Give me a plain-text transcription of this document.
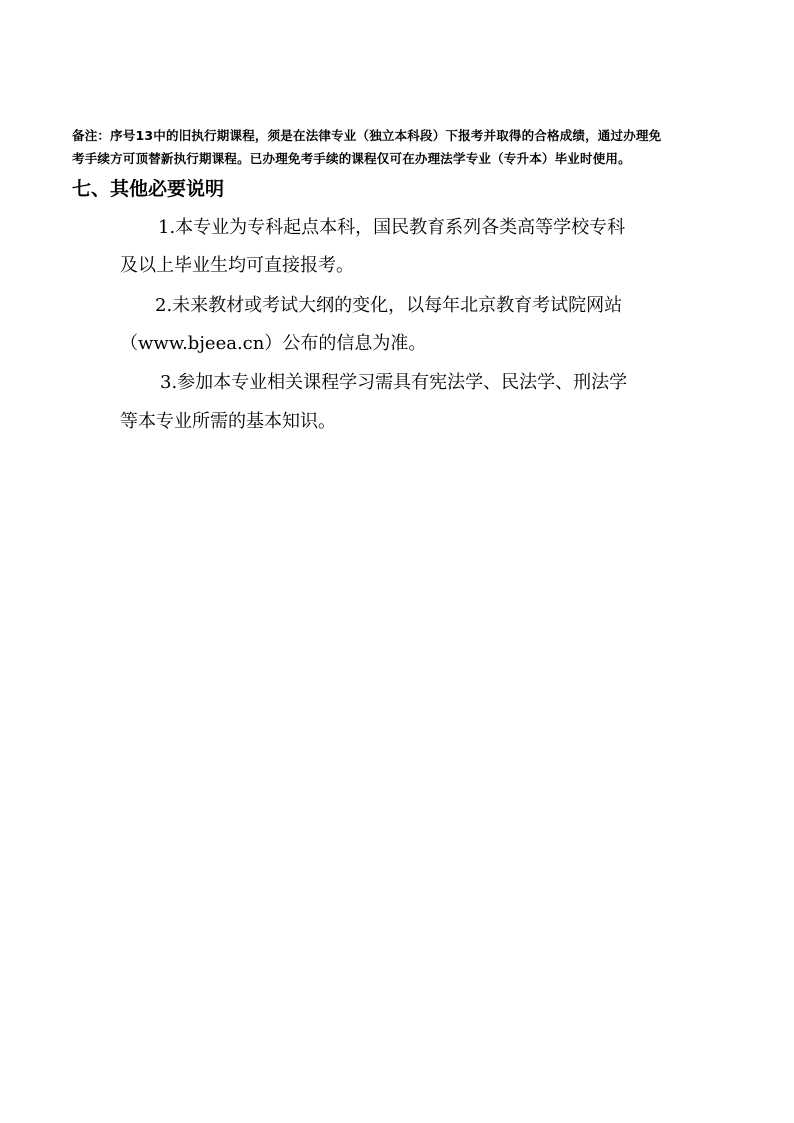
备注：序号13中的旧执行期课程，须是在法律专业（独立本科段）下报考并取得的合格成绩，通过办理免
考手续方可顶替新执行期课程。已办理免考手续的课程仅可在办理法学专业（专升本）毕业时使用。
七、其他必要说明
1.本专业为专科起点本科，国民教育系列各类高等学校专科
及以上毕业生均可直接报考。
2.未来教材或考试大纲的变化，以每年北京教育考试院网站
（www.bjeea.cn）公布的信息为准。
3.参加本专业相关课程学习需具有宪法学、民法学、刑法学
等本专业所需的基本知识。
